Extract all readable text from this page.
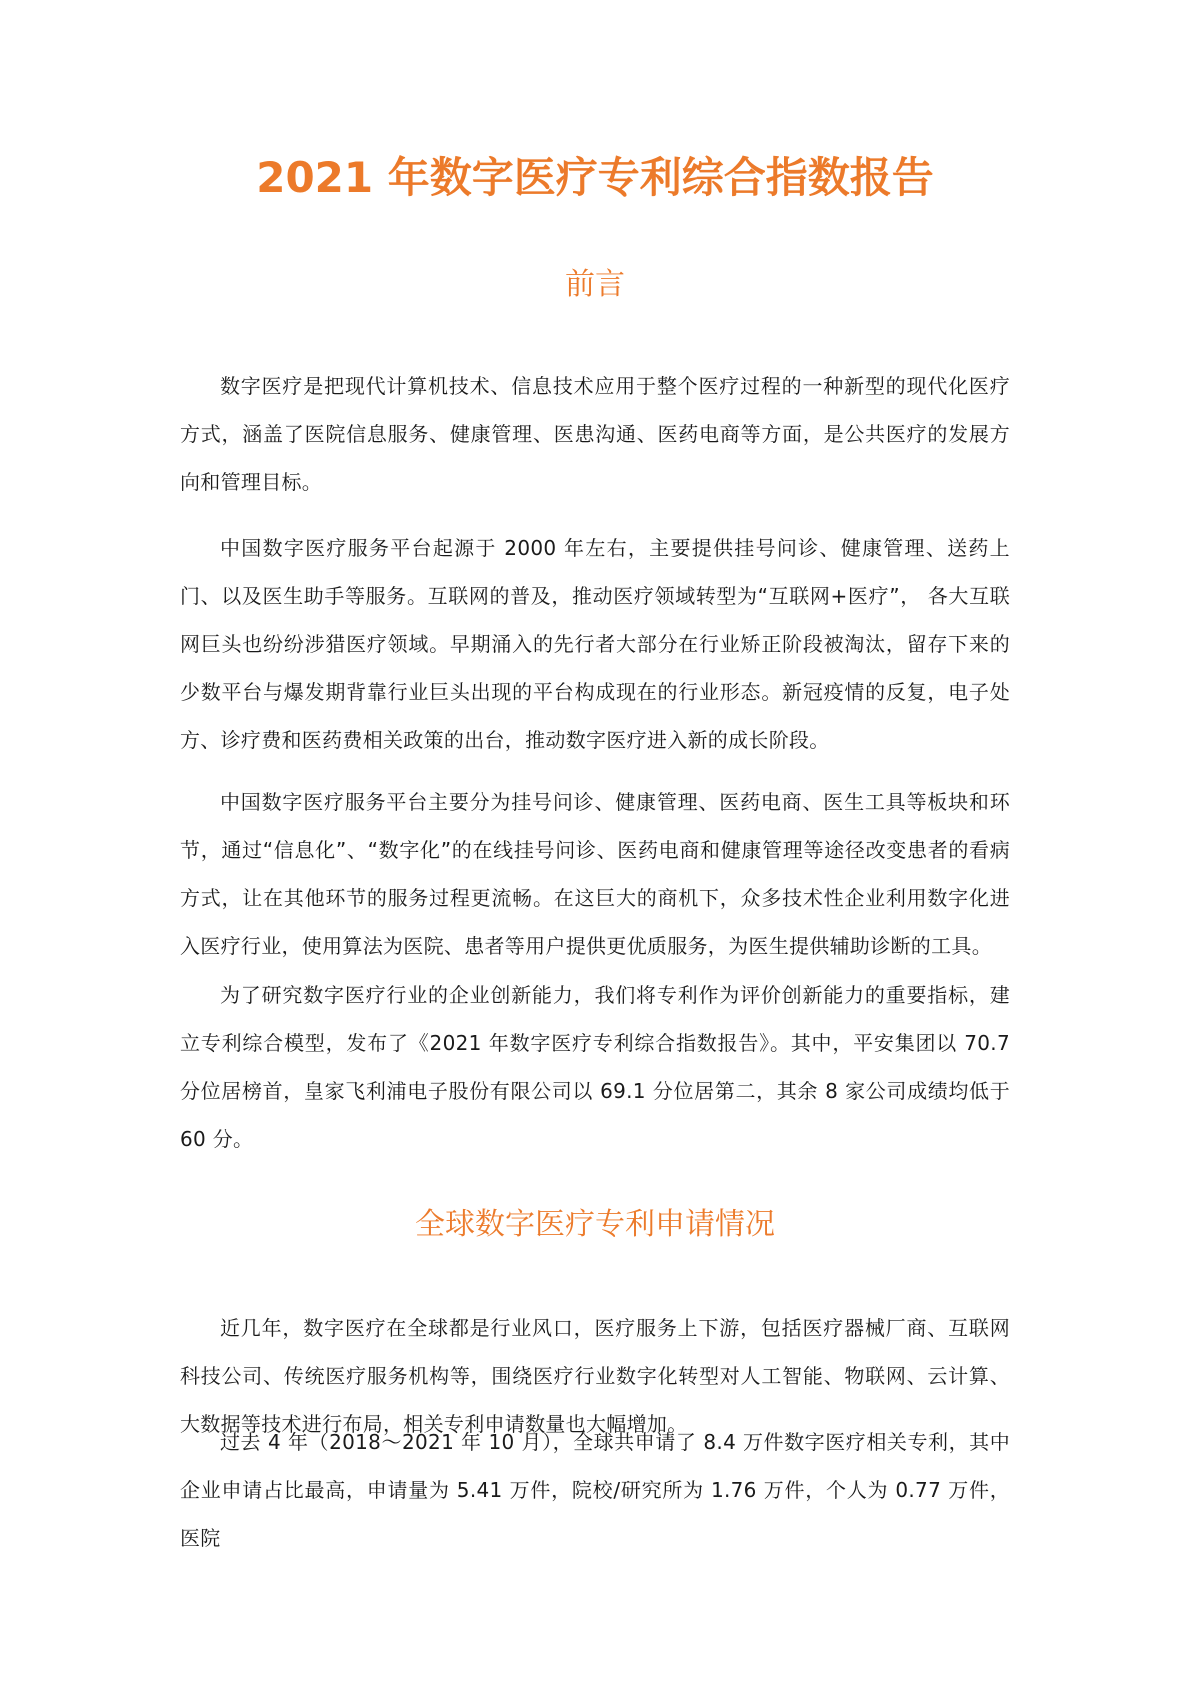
2021 年数字医疗专利综合指数报告
前言

数字医疗是把现代计算机技术、信息技术应用于整个医疗过程的一种新型的现代化医疗方式，涵盖了医院信息服务、健康管理、医患沟通、医药电商等方面，是公共医疗的发展方向和管理目标。

中国数字医疗服务平台起源于 2000 年左右，主要提供挂号问诊、健康管理、送药上门、以及医生助手等服务。互联网的普及，推动医疗领域转型为“互联网+医疗”， 各大互联网巨头也纷纷涉猎医疗领域。早期涌入的先行者大部分在行业矫正阶段被淘汰，留存下来的少数平台与爆发期背靠行业巨头出现的平台构成现在的行业形态。新冠疫情的反复，电子处方、诊疗费和医药费相关政策的出台，推动数字医疗进入新的成长阶段。

中国数字医疗服务平台主要分为挂号问诊、健康管理、医药电商、医生工具等板块和环节，通过“信息化”、“数字化”的在线挂号问诊、医药电商和健康管理等途径改变患者的看病方式，让在其他环节的服务过程更流畅。在这巨大的商机下，众多技术性企业利用数字化进入医疗行业，使用算法为医院、患者等用户提供更优质服务，为医生提供辅助诊断的工具。

为了研究数字医疗行业的企业创新能力，我们将专利作为评价创新能力的重要指标，建立专利综合模型，发布了《2021 年数字医疗专利综合指数报告》。其中，平安集团以 70.7 分位居榜首，皇家飞利浦电子股份有限公司以 69.1 分位居第二，其余 8 家公司成绩均低于 60 分。

全球数字医疗专利申请情况

近几年，数字医疗在全球都是行业风口，医疗服务上下游，包括医疗器械厂商、互联网科技公司、传统医疗服务机构等，围绕医疗行业数字化转型对人工智能、物联网、云计算、大数据等技术进行布局，相关专利申请数量也大幅增加。

过去 4 年（2018～2021 年 10 月），全球共申请了 8.4 万件数字医疗相关专利，其中企业申请占比最高，申请量为 5.41 万件，院校/研究所为 1.76 万件，个人为 0.77 万件，医院
